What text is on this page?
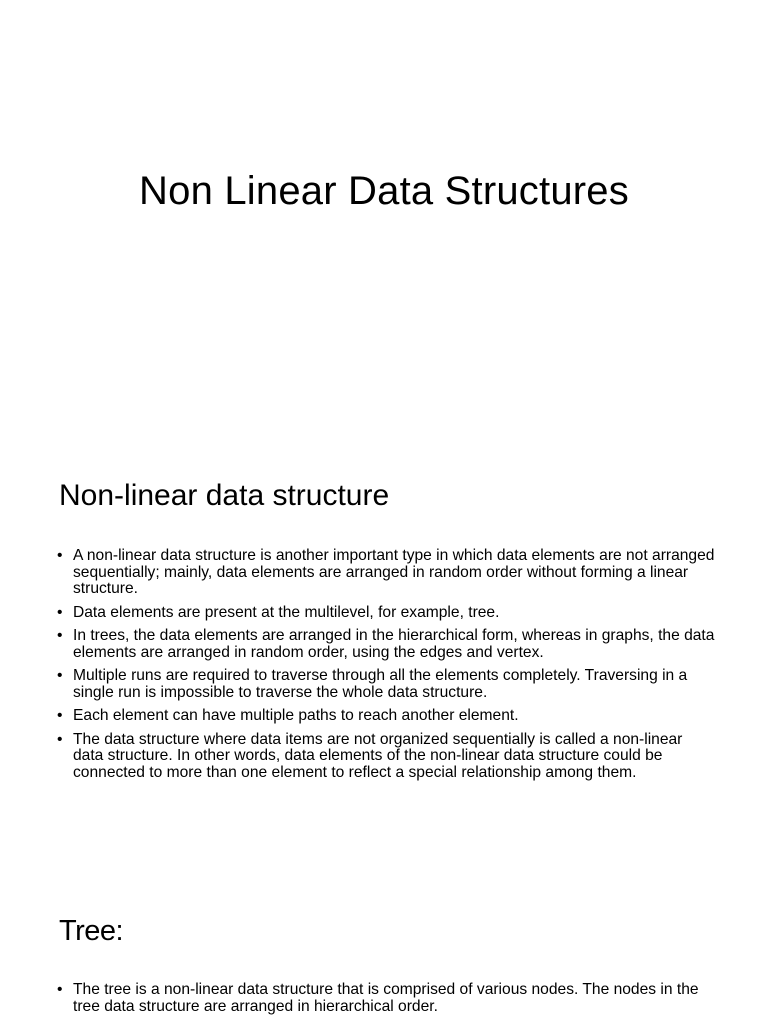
Non Linear Data Structures
Non-linear data structure
• A non-linear data structure is another important type in which data elements are not arranged sequentially; mainly, data elements are arranged in random order without forming a linear structure.
• Data elements are present at the multilevel, for example, tree.
• In trees, the data elements are arranged in the hierarchical form, whereas in graphs, the data elements are arranged in random order, using the edges and vertex.
• Multiple runs are required to traverse through all the elements completely. Traversing in a single run is impossible to traverse the whole data structure.
• Each element can have multiple paths to reach another element.
• The data structure where data items are not organized sequentially is called a non-linear data structure. In other words, data elements of the non-linear data structure could be connected to more than one element to reflect a special relationship among them.
Tree:
• The tree is a non-linear data structure that is comprised of various nodes. The nodes in the tree data structure are arranged in hierarchical order.
